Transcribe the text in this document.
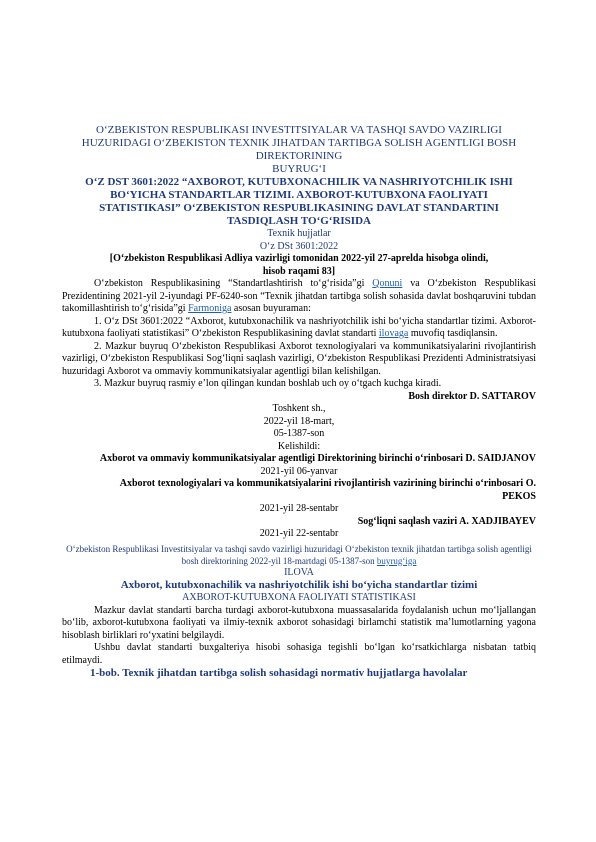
O‘ZBEKISTON RESPUBLIKASI INVESTITSIYALAR VA TASHQI SAVDO VAZIRLIGI
HUZURIDAGI O‘ZBEKISTON TEXNIK JIHATDAN TARTIBGA SOLISH AGENTLIGI BOSH
DIREKTORINING
BUYRUG‘I
O‘Z DST 3601:2022 “AXBOROT, KUTUBXONACHILIK VA NASHRIYOTCHILIK ISHI
BO‘YICHA STANDARTLAR TIZIMI. AXBOROT-KUTUBXONA FAOLIYATI
STATISTIKASI” O‘ZBEKISTON RESPUBLIKASINING DAVLAT STANDARTINI
TASDIQLASH TO‘G‘RISIDA
Texnik hujjatlar
O‘z DSt 3601:2022
[O‘zbekiston Respublikasi Adliya vazirligi tomonidan 2022-yil 27-aprelda hisobga olindi,
hisob raqami 83]

O‘zbekiston Respublikasining “Standartlashtirish to‘g‘risida”gi Qonuni va O‘zbekiston Respublikasi Prezidentining 2021-yil 2-iyundagi PF-6240-son “Texnik jihatdan tartibga solish sohasida davlat boshqaruvini tubdan takomillashtirish to‘g‘risida”gi Farmoniga asosan buyuraman:

1. O‘z DSt 3601:2022 “Axborot, kutubxonachilik va nashriyotchilik ishi bo‘yicha standartlar tizimi. Axborot-kutubxona faoliyati statistikasi” O‘zbekiston Respublikasining davlat standarti ilovaga muvofiq tasdiqlansin.

2. Mazkur buyruq O‘zbekiston Respublikasi Axborot texnologiyalari va kommunikatsiyalarini rivojlantirish vazirligi, O‘zbekiston Respublikasi Sog‘liqni saqlash vazirligi, O‘zbekiston Respublikasi Prezidenti Administratsiyasi huzuridagi Axborot va ommaviy kommunikatsiyalar agentligi bilan kelishilgan.

3. Mazkur buyruq rasmiy e’lon qilingan kundan boshlab uch oy o‘tgach kuchga kiradi.

Bosh direktor D. SATTAROV
Toshkent sh.,
2022-yil 18-mart,
05-1387-son
Kelishildi:
Axborot va ommaviy kommunikatsiyalar agentligi Direktorining birinchi o‘rinbosari D. SAIDJANOV
2021-yil 06-yanvar
Axborot texnologiyalari va kommunikatsiyalarini rivojlantirish vazirining birinchi o‘rinbosari O. PEKOS
2021-yil 28-sentabr
Sog‘liqni saqlash vaziri A. XADJIBAYEV
2021-yil 22-sentabr

O‘zbekiston Respublikasi Investitsiyalar va tashqi savdo vazirligi huzuridagi O‘zbekiston texnik jihatdan tartibga solish agentligi bosh direktorining 2022-yil 18-martdagi 05-1387-son buyrug‘iga

ILOVA
Axborot, kutubxonachilik va nashriyotchilik ishi bo‘yicha standartlar tizimi
AXBOROT-KUTUBXONA FAOLIYATI STATISTIKASI

Mazkur davlat standarti barcha turdagi axborot-kutubxona muassasalarida foydalanish uchun mo‘ljallangan bo‘lib, axborot-kutubxona faoliyati va ilmiy-texnik axborot sohasidagi birlamchi statistik ma’lumotlarning yagona hisoblash birliklari ro‘yxatini belgilaydi.

Ushbu davlat standarti buxgalteriya hisobi sohasiga tegishli bo‘lgan ko‘rsatkichlarga nisbatan tatbiq etilmaydi.

1-bob. Texnik jihatdan tartibga solish sohasidagi normativ hujjatlarga havolalar
